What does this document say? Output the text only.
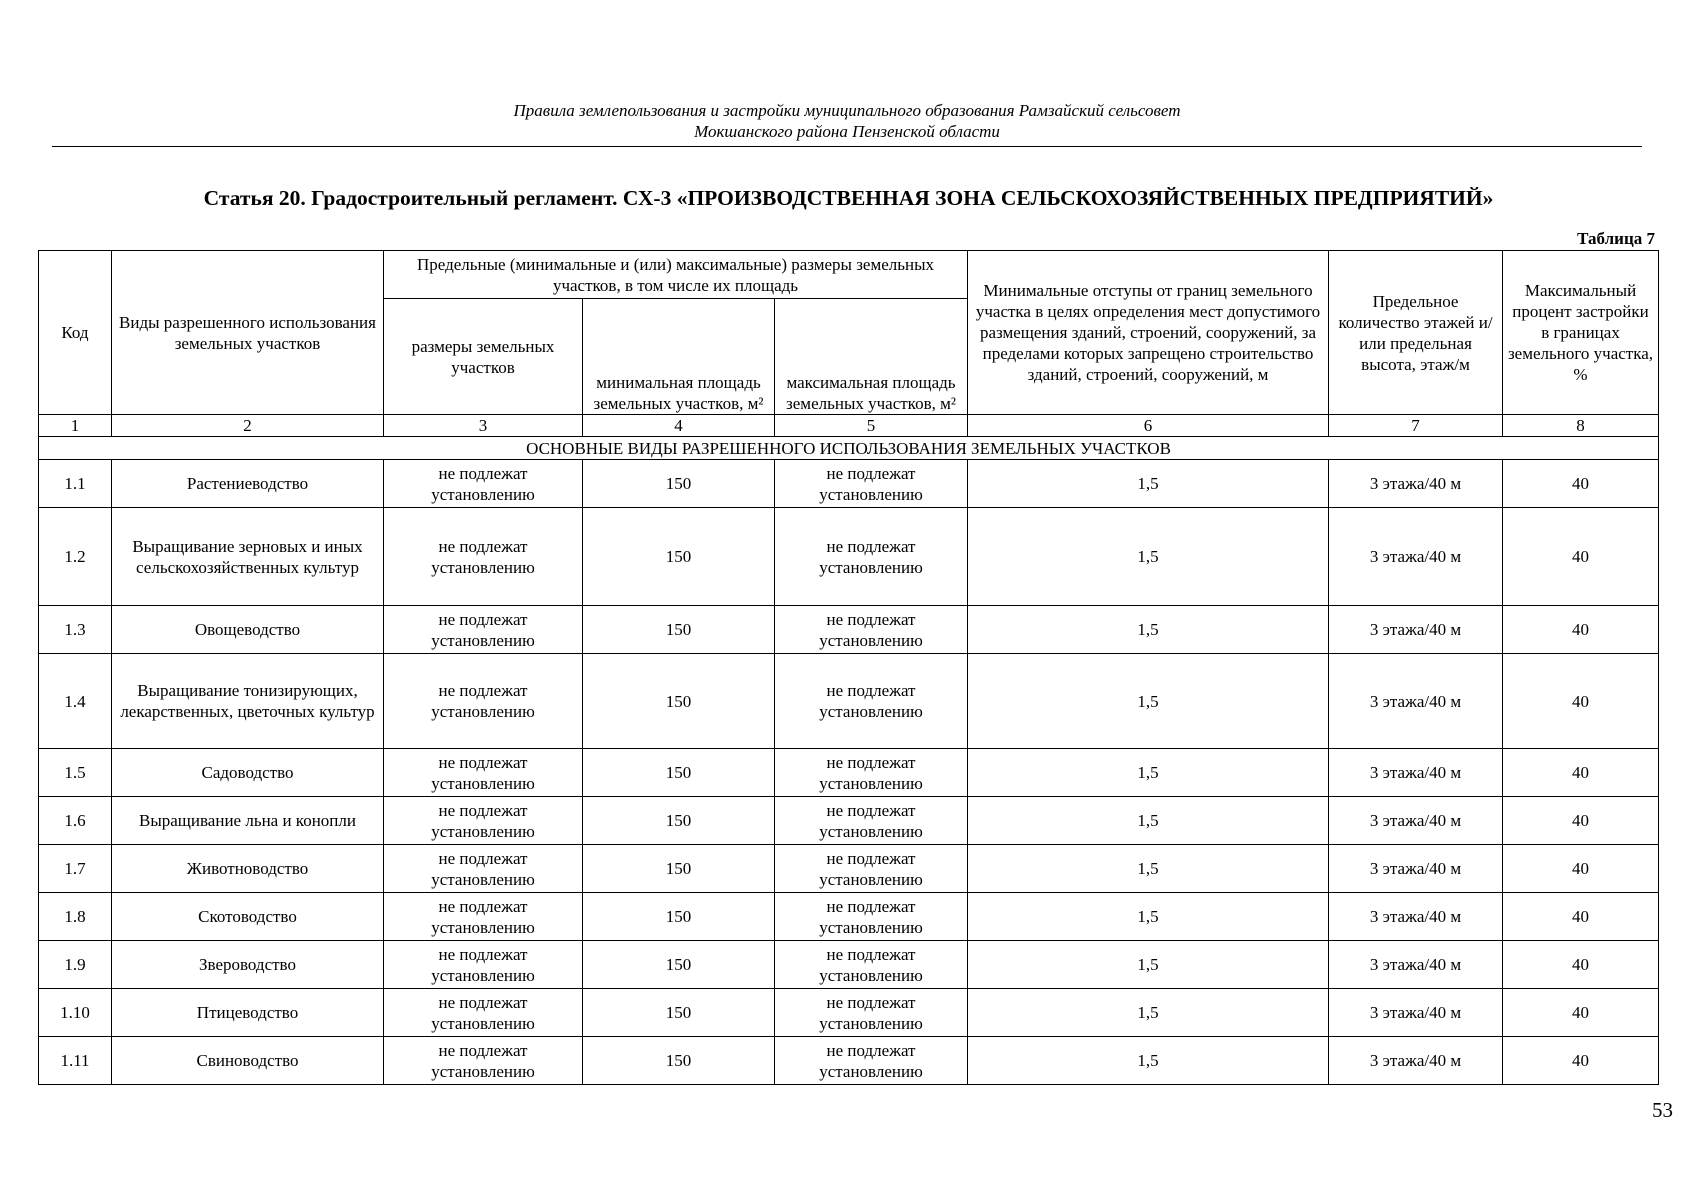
Правила землепользования и застройки муниципального образования Рамзайский сельсовет
Мокшанского района Пензенской области
Статья 20. Градостроительный регламент. СХ-3 «ПРОИЗВОДСТВЕННАЯ ЗОНА СЕЛЬСКОХОЗЯЙСТВЕННЫХ ПРЕДПРИЯТИЙ»
Таблица 7
Код	Виды разрешенного использования земельных участков	Предельные (минимальные и (или) максимальные) размеры земельных участков, в том числе их площадь			Минимальные отступы от границ земельного участка в целях определения мест допустимого размещения зданий, строений, сооружений, за пределами которых запрещено строительство зданий, строений, сооружений, м	Предельное количество этажей и/или предельная высота, этаж/м	Максимальный процент застройки в границах земельного участка, %
		размеры земельных участков	минимальная площадь земельных участков, м²	максимальная площадь земельных участков, м²			
1	2	3	4	5	6	7	8
ОСНОВНЫЕ ВИДЫ РАЗРЕШЕННОГО ИСПОЛЬЗОВАНИЯ ЗЕМЕЛЬНЫХ УЧАСТКОВ							
1.1	Растениеводство	не подлежат установлению	150	не подлежат установлению	1,5	3 этажа/40 м	40
1.2	Выращивание зерновых и иных сельскохозяйственных культур	не подлежат установлению	150	не подлежат установлению	1,5	3 этажа/40 м	40
1.3	Овощеводство	не подлежат установлению	150	не подлежат установлению	1,5	3 этажа/40 м	40
1.4	Выращивание тонизирующих, лекарственных, цветочных культур	не подлежат установлению	150	не подлежат установлению	1,5	3 этажа/40 м	40
1.5	Садоводство	не подлежат установлению	150	не подлежат установлению	1,5	3 этажа/40 м	40
1.6	Выращивание льна и конопли	не подлежат установлению	150	не подлежат установлению	1,5	3 этажа/40 м	40
1.7	Животноводство	не подлежат установлению	150	не подлежат установлению	1,5	3 этажа/40 м	40
1.8	Скотоводство	не подлежат установлению	150	не подлежат установлению	1,5	3 этажа/40 м	40
1.9	Звероводство	не подлежат установлению	150	не подлежат установлению	1,5	3 этажа/40 м	40
1.10	Птицеводство	не подлежат установлению	150	не подлежат установлению	1,5	3 этажа/40 м	40
1.11	Свиноводство	не подлежат установлению	150	не подлежат установлению	1,5	3 этажа/40 м	40
53
